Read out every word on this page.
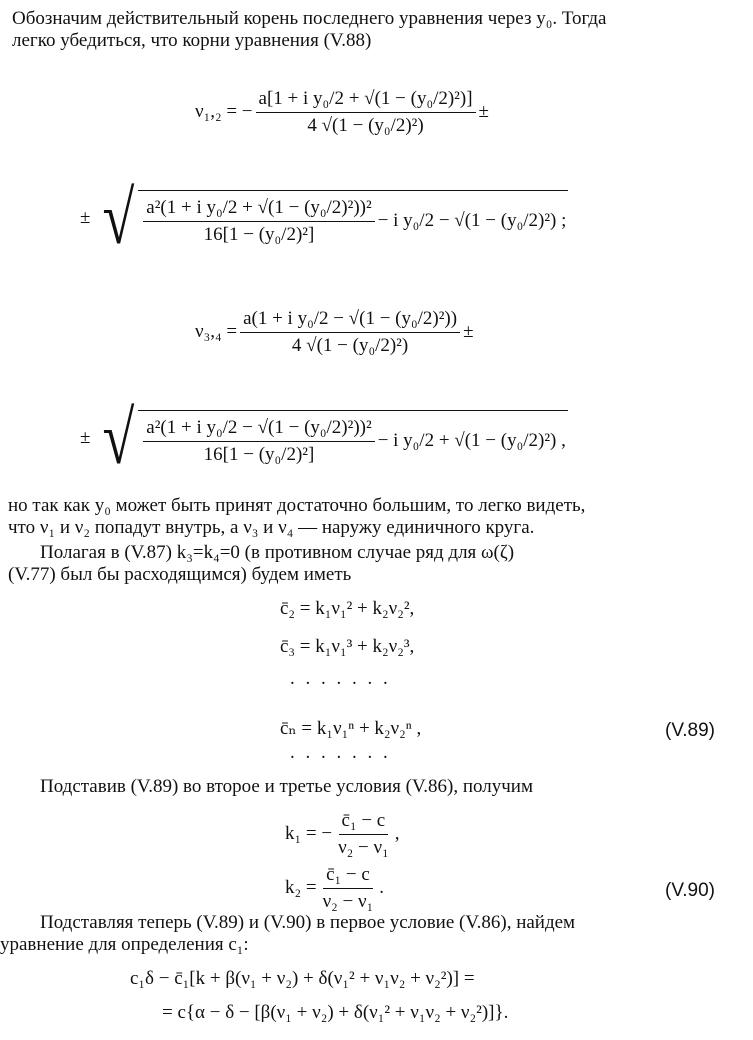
Обозначим действительный корень последнего уравнения через y₀. Тогда
легко убедиться, что корни уравнения (V.88)
ν₁,₂ = − $\frac{\text{a[1 + i y₀/2 + √(1 − (y₀/2)²)]}}{\text{4 √(1 − (y₀/2)²)}}$ ±
± √ $\frac{\text{a²(1 + i y₀/2 + √(1 − (y₀/2)²))²}}{\text{16[1 − (y₀/2)²]}} - i$ y₀/2 − √(1 − (y₀/2)²) ;
$\nu_3,_4 = \frac{\text{a(1 + i y₀/2 − √(1 − (y₀/2)²))}}{\text{4 √(1 − (y₀/2)²)}}$ ±
± √ $\frac{\text{a²(1 + i y₀/2 − √(1 − (y₀/2)²))²}}{\text{16[1 − (y₀/2)²]}} - i$ y₀/2 + √(1 − (y₀/2)²) ,
но так как y₀ может быть принят достаточно большим, то легко видеть,
что ν₁ и ν₂ попадут внутрь, а ν₃ и ν₄ — наружу единичного круга.
Полагая в (V.87) k₃=k₄=0 (в противном случае ряд для ω(ζ)
(V.77) был бы расходящимся) будем иметь
c̄₂ = k₁ν₁² + k₂ν₂²,
c̄₃ = k₁ν₁³ + k₂ν₂³,
. . . . . . .
c̄ₙ = k₁ν₁ⁿ + k₂ν₂ⁿ ,	(V.89)
. . . . . . .
Подставив (V.89) во второе и третье условия (V.86), получим
k₁ = − $\frac{\text{c̄₁ − c}}{\text{ν₂ − ν₁}}$ ,
$k_2 = \frac{\text{c̄₁ − c}}{\text{ν₂ − ν₁}}$ .	(V.90)
Подставляя теперь (V.89) и (V.90) в первое условие (V.86), найдем
уравнение для определения c₁:
c₁δ − c̄₁[k + β(ν₁ + ν₂) + δ(ν₁² + ν₁ν₂ + ν₂²)] =
= c{α − δ − [β(ν₁ + ν₂) + δ(ν₁² + ν₁ν₂ + ν₂²)]}.
